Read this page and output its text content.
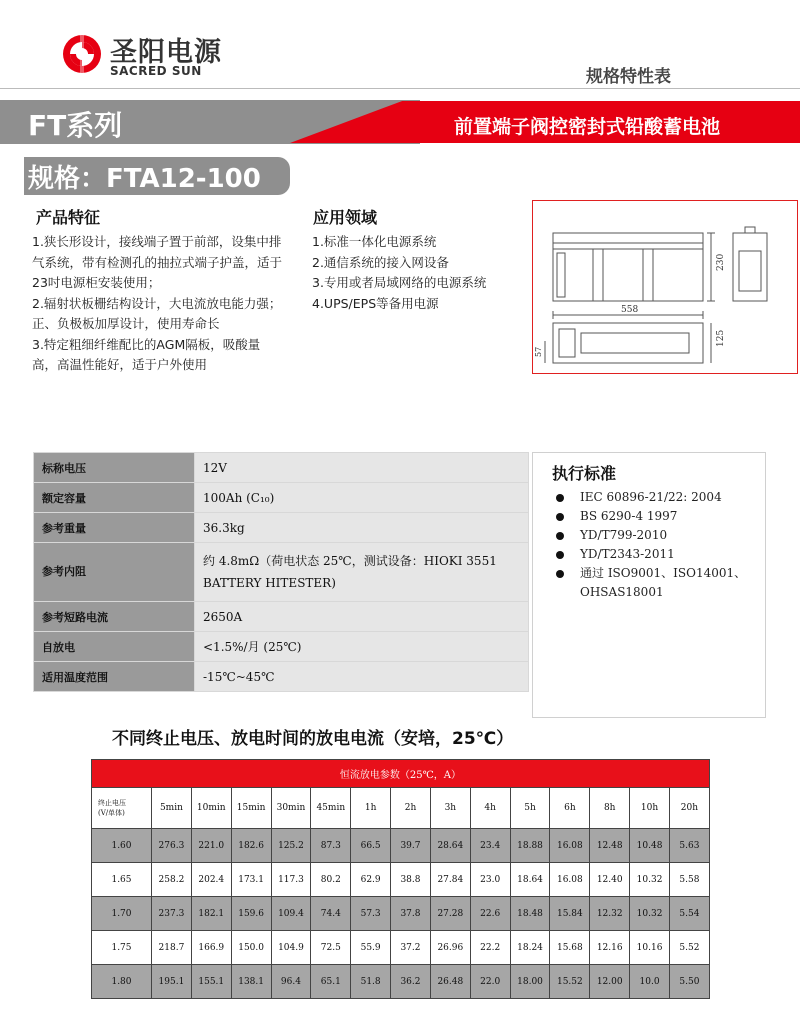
圣阳电源
SACRED SUN	规格特性表
FT系列	前置端子阀控密封式铅酸蓄电池
规格：FTA12-100
产品特征

1.狭长形设计，接线端子置于前部，设集中排气系统，带有检测孔的抽拉式端子护盖，适于23吋电源柜安装使用；

2.辐射状板栅结构设计，大电流放电能力强；正、负极板加厚设计，使用寿命长

3.特定粗细纤维配比的AGM隔板，吸酸量高，高温性能好，适于户外使用

应用领域

1.标准一体化电源系统

2.通信系统的接入网设备

3.专用或者局域网络的电源系统

4.UPS/EPS等备用电源	558
230
125
57
标称电压	12V
额定容量	100Ah (C₁₀)
参考重量	36.3kg
参考内阻	约 4.8mΩ（荷电状态 25℃，测试设备：HIOKI 3551 BATTERY HITESTER)
参考短路电流	2650A
自放电	<1.5%/月 (25℃)
适用温度范围	-15℃~45℃
执行标准
IEC 60896-21/22: 2004
BS 6290-4 1997
YD/T799-2010
YD/T2343-2011
通过 ISO9001、ISO14001、OHSAS18001
不同终止电压、放电时间的放电电流（安培，25℃）
恒流放电参数（25℃，A）														

终止电压
(V/单体)	5min	10min	15min	30min	45min	1h	2h	3h	4h	5h	6h	8h	10h	20h
1.60	276.3	221.0	182.6	125.2	87.3	66.5	39.7	28.64	23.4	18.88	16.08	12.48	10.48	5.63
1.65	258.2	202.4	173.1	117.3	80.2	62.9	38.8	27.84	23.0	18.64	16.08	12.40	10.32	5.58
1.70	237.3	182.1	159.6	109.4	74.4	57.3	37.8	27.28	22.6	18.48	15.84	12.32	10.32	5.54
1.75	218.7	166.9	150.0	104.9	72.5	55.9	37.2	26.96	22.2	18.24	15.68	12.16	10.16	5.52
1.80	195.1	155.1	138.1	96.4	65.1	51.8	36.2	26.48	22.0	18.00	15.52	12.00	10.0	5.50
